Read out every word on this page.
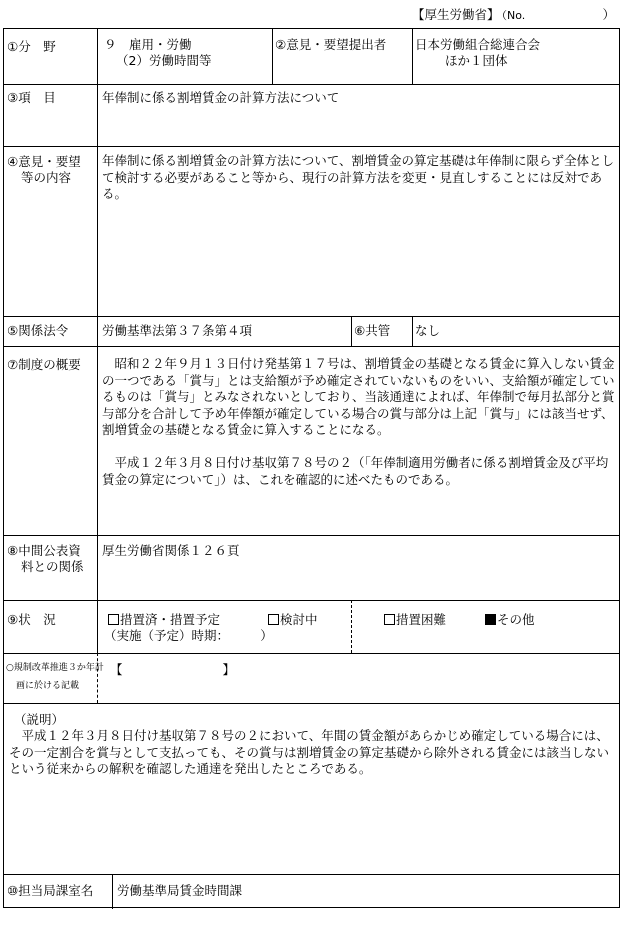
【厚生労働省】 （No.	）
①分　野	９　雇用・労働
（2）労働時間等
②意見・要望提出者 日本労働組合総連合会
ほか１団体
③項　目	年俸制に係る割増賃金の計算方法について
④意見・要望
等の内容
年俸制に係る割増賃金の計算方法について、割増賃金の算定基礎は年俸制に限らず全体として検討する必要があること等から、現行の計算方法を変更・見直しすることには反対である。
⑤関係法令	労働基準法第３７条第４項	⑥共管 なし
⑦制度の概要 　昭和２２年９月１３日付け発基第１７号は、割増賃金の基礎となる賃金に算入しない賃金の一つである「賞与」とは支給額が予め確定されていないものをいい、支給額が確定しているものは「賞与」とみなされないとしており、当該通達によれば、年俸制で毎月払部分と賞与部分を合計して予め年俸額が確定している場合の賞与部分は上記「賞与」には該当せず、割増賃金の基礎となる賃金に算入することになる。
　平成１２年３月８日付け基収第７８号の２（「年俸制適用労働者に係る割増賃金及び平均賃金の算定について」）は、これを確認的に述べたものである。
⑧中間公表資
料との関係
厚生労働省関係１２６頁
⑨状　況	措置済・措置予定	検討中	措置困難	その他
（実施（予定）時期：　　　）
○規制改革推進３か年計
画に於ける記載
【　　　　　　　　】
（説明）
　平成１２年３月８日付け基収第７８号の２において、年間の賃金額があらかじめ確定している場合には、その一定割合を賞与として支払っても、その賞与は割増賃金の算定基礎から除外される賃金には該当しないという従来からの解釈を確認した通達を発出したところである。
⑩担当局課室名 労働基準局賃金時間課
